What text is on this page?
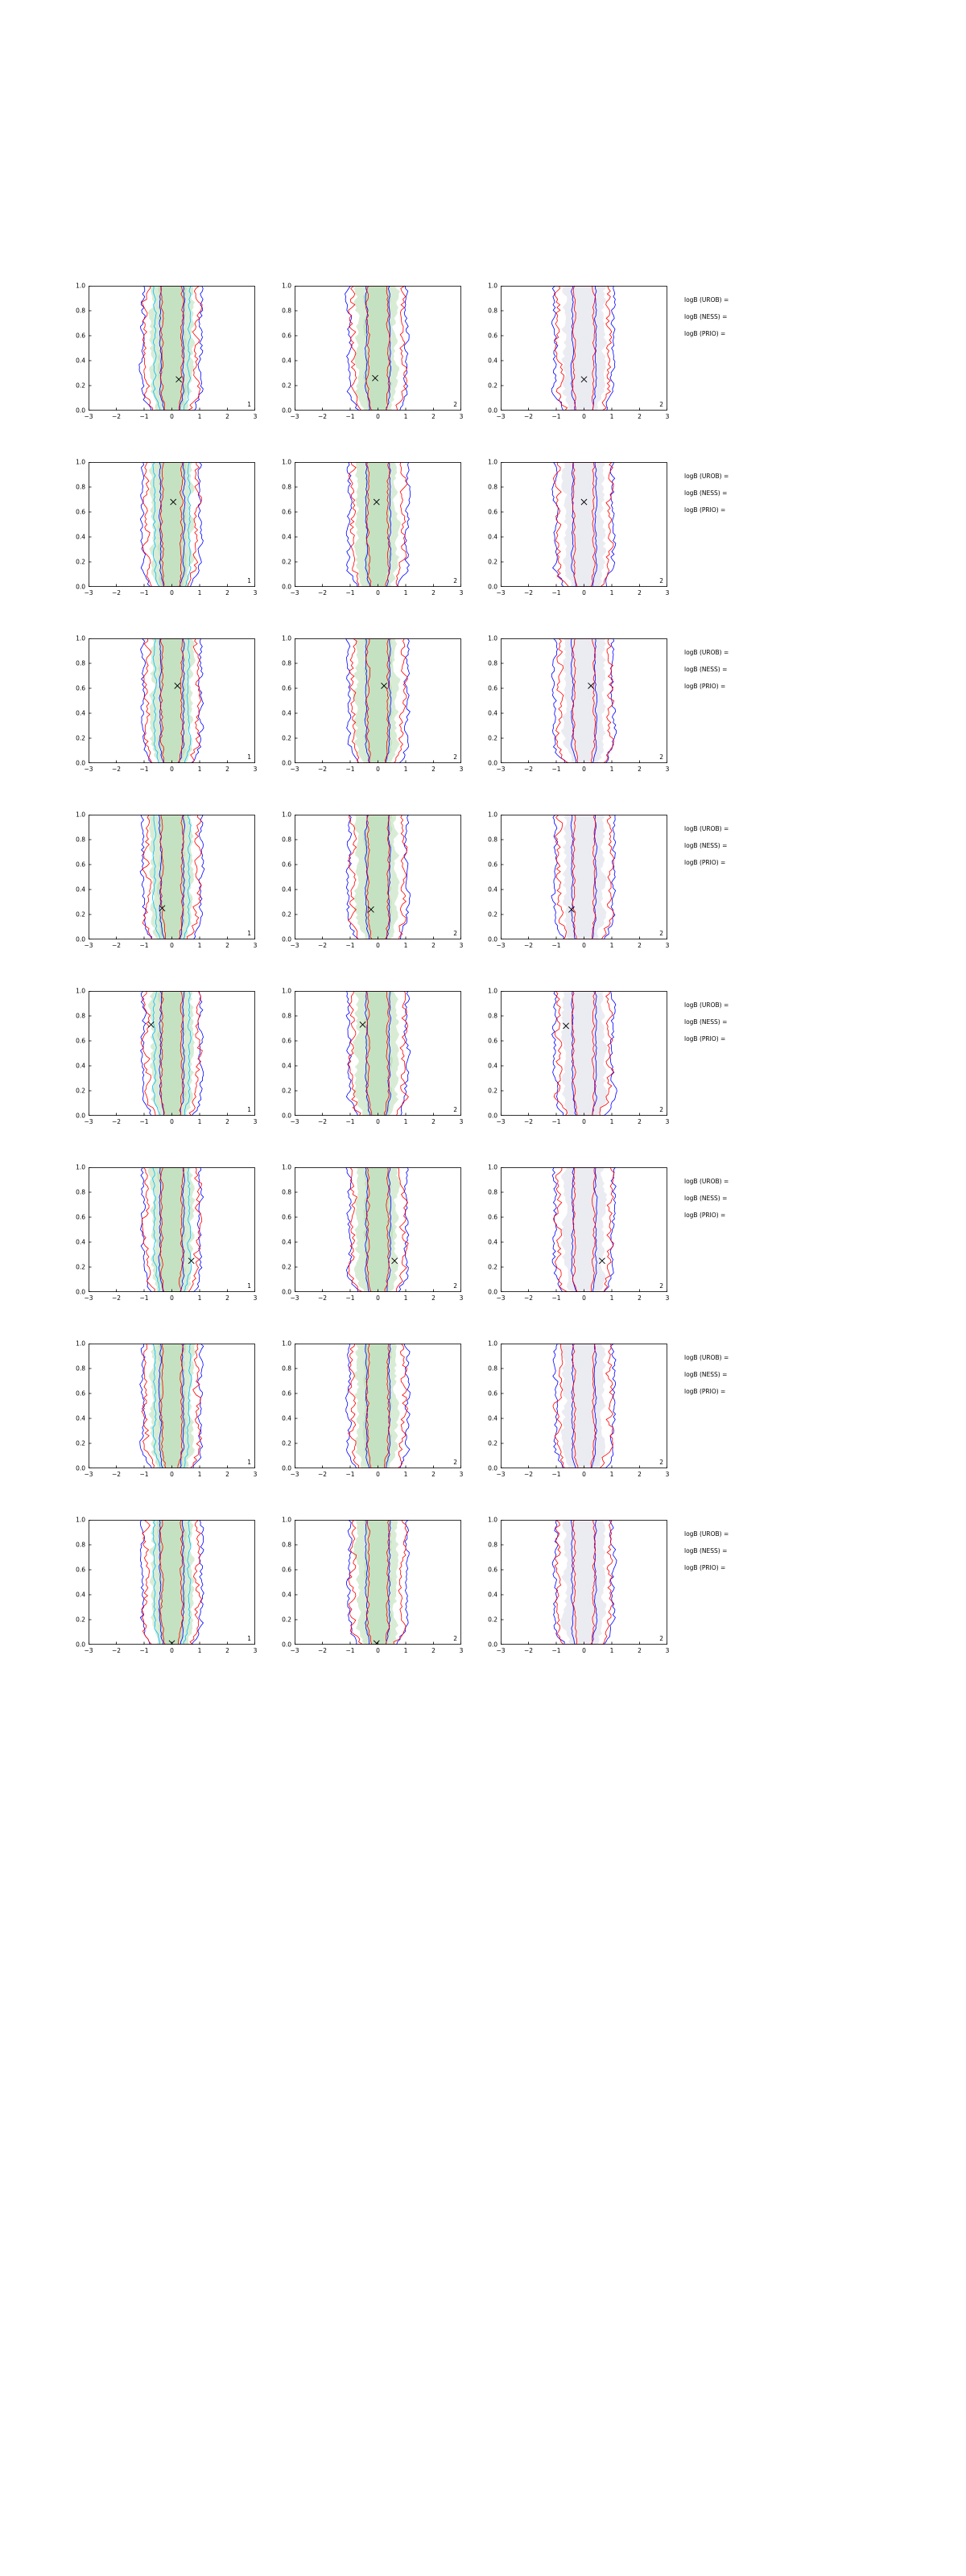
0.0
0.2
0.4
0.6
0.8
1.0
−3	−2	−1	0	1	2	3
1
0.0
0.2
0.4
0.6
0.8
1.0
−3	−2	−1	0	1	2	3
2
0.0
0.2
0.4
0.6
0.8
1.0
−3	−2	−1	0	1	2	3
2
logB (UROB) =
logB (NESS) =
logB (PRIO) =
0.0
0.2
0.4
0.6
0.8
1.0
−3	−2	−1	0	1	2	3
1
0.0
0.2
0.4
0.6
0.8
1.0
−3	−2	−1	0	1	2	3
2
0.0
0.2
0.4
0.6
0.8
1.0
−3	−2	−1	0	1	2	3
2
logB (UROB) =
logB (NESS) =
logB (PRIO) =
0.0
0.2
0.4
0.6
0.8
1.0
−3	−2	−1	0	1	2	3
1
0.0
0.2
0.4
0.6
0.8
1.0
−3	−2	−1	0	1	2	3
2
0.0
0.2
0.4
0.6
0.8
1.0
−3	−2	−1	0	1	2	3
2
logB (UROB) =
logB (NESS) =
logB (PRIO) =
0.0
0.2
0.4
0.6
0.8
1.0
−3	−2	−1	0	1	2	3
1
0.0
0.2
0.4
0.6
0.8
1.0
−3	−2	−1	0	1	2	3
2
0.0
0.2
0.4
0.6
0.8
1.0
−3	−2	−1	0	1	2	3
2
logB (UROB) =
logB (NESS) =
logB (PRIO) =
0.0
0.2
0.4
0.6
0.8
1.0
−3	−2	−1	0	1	2	3
1
0.0
0.2
0.4
0.6
0.8
1.0
−3	−2	−1	0	1	2	3
2
0.0
0.2
0.4
0.6
0.8
1.0
−3	−2	−1	0	1	2	3
2
logB (UROB) =
logB (NESS) =
logB (PRIO) =
0.0
0.2
0.4
0.6
0.8
1.0
−3	−2	−1	0	1	2	3
1
0.0
0.2
0.4
0.6
0.8
1.0
−3	−2	−1	0	1	2	3
2
0.0
0.2
0.4
0.6
0.8
1.0
−3	−2	−1	0	1	2	3
2
logB (UROB) =
logB (NESS) =
logB (PRIO) =
0.0
0.2
0.4
0.6
0.8
1.0
−3	−2	−1	0	1	2	3
1
0.0
0.2
0.4
0.6
0.8
1.0
−3	−2	−1	0	1	2	3
2
0.0
0.2
0.4
0.6
0.8
1.0
−3	−2	−1	0	1	2	3
2
logB (UROB) =
logB (NESS) =
logB (PRIO) =
0.0
0.2
0.4
0.6
0.8
1.0
−3	−2	−1	0	1	2	3
1
0.0
0.2
0.4
0.6
0.8
1.0
−3	−2	−1	0	1	2	3
2
0.0
0.2
0.4
0.6
0.8
1.0
−3	−2	−1	0	1	2	3
2
logB (UROB) =
logB (NESS) =
logB (PRIO) =
